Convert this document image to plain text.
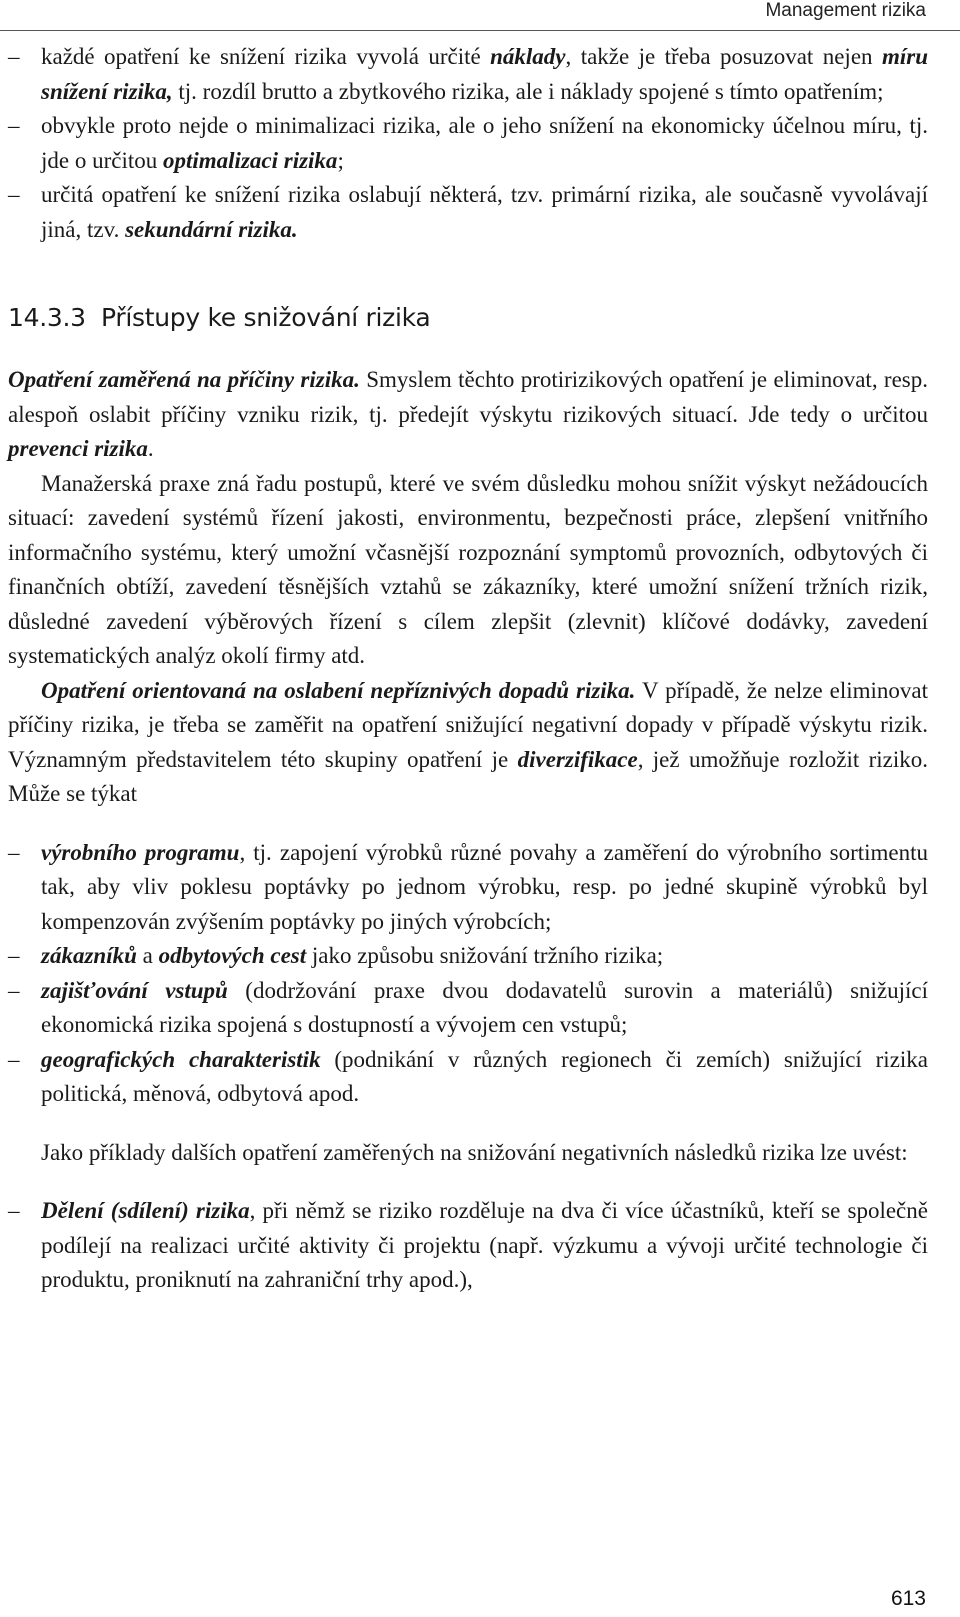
Management rizika
– každé opatření ke snížení rizika vyvolá určité náklady, takže je třeba posuzovat nejen míru snížení rizika, tj. rozdíl brutto a zbytkového rizika, ale i náklady spojené s tímto opatřením;

– obvykle proto nejde o minimalizaci rizika, ale o jeho snížení na ekonomicky účelnou míru, tj. jde o určitou optimalizaci rizika;

– určitá opatření ke snížení rizika oslabují některá, tzv. primární rizika, ale současně vyvolávají jiná, tzv. sekundární rizika.

14.3.3 Přístupy ke snižování rizika

Opatření zaměřená na příčiny rizika. Smyslem těchto protirizikových opatření je eliminovat, resp. alespoň oslabit příčiny vzniku rizik, tj. předejít výskytu rizikových situací. Jde tedy o určitou prevenci rizika.

Manažerská praxe zná řadu postupů, které ve svém důsledku mohou snížit výskyt nežádoucích situací: zavedení systémů řízení jakosti, environmentu, bezpečnosti práce, zlepšení vnitřního informačního systému, který umožní včasnější rozpoznání symptomů provozních, odbytových či finančních obtíží, zavedení těsnějších vztahů se zákazníky, které umožní snížení tržních rizik, důsledné zavedení výběrových řízení s cílem zlepšit (zlevnit) klíčové dodávky, zavedení systematických analýz okolí firmy atd.

Opatření orientovaná na oslabení nepříznivých dopadů rizika. V případě, že nelze eliminovat příčiny rizika, je třeba se zaměřit na opatření snižující negativní dopady v případě výskytu rizik. Významným představitelem této skupiny opatření je diverzifikace, jež umožňuje rozložit riziko. Může se týkat

– výrobního programu, tj. zapojení výrobků různé povahy a zaměření do výrobního sortimentu tak, aby vliv poklesu poptávky po jednom výrobku, resp. po jedné skupině výrobků byl kompenzován zvýšením poptávky po jiných výrobcích;

– zákazníků a odbytových cest jako způsobu snižování tržního rizika;

– zajišťování vstupů (dodržování praxe dvou dodavatelů surovin a materiálů) snižující ekonomická rizika spojená s dostupností a vývojem cen vstupů;

– geografických charakteristik (podnikání v různých regionech či zemích) snižující rizika politická, měnová, odbytová apod.

Jako příklady dalších opatření zaměřených na snižování negativních následků rizika lze uvést:

– Dělení (sdílení) rizika, při němž se riziko rozděluje na dva či více účastníků, kteří se společně podílejí na realizaci určité aktivity či projektu (např. výzkumu a vývoji určité technologie či produktu, proniknutí na zahraniční trhy apod.),

613
